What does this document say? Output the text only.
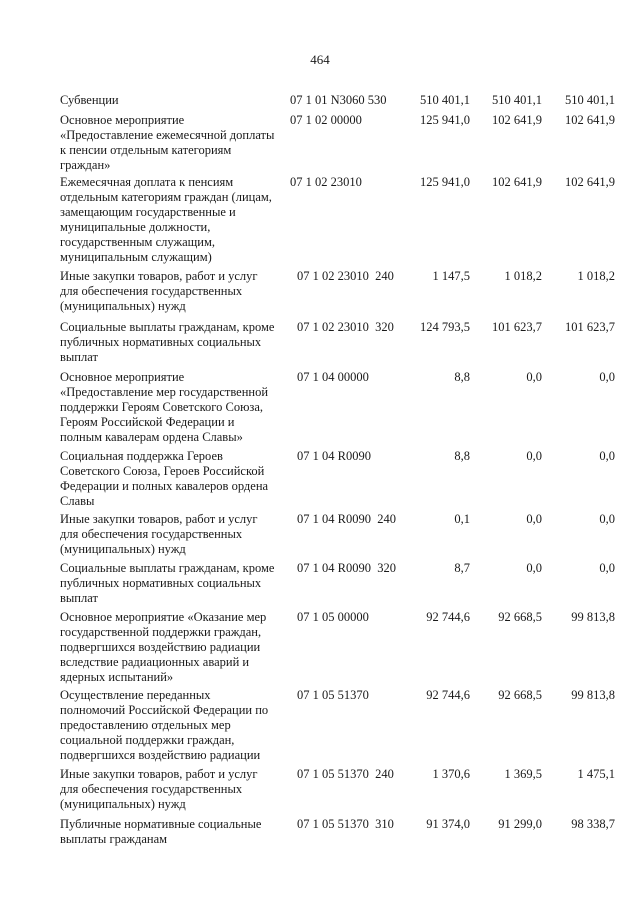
464
Субвенции	07 1 01 N3060 530	510 401,1	510 401,1	510 401,1
Основное мероприятие
«Предоставление ежемесячной доплаты
к пенсии отдельным категориям
граждан»
07 1 02 00000	125 941,0	102 641,9	102 641,9
Ежемесячная доплата к пенсиям
отдельным категориям граждан (лицам,
замещающим государственные и
муниципальные должности,
государственным служащим,
муниципальным служащим)
07 1 02 23010	125 941,0	102 641,9	102 641,9
Иные закупки товаров, работ и услуг
для обеспечения государственных
(муниципальных) нужд
07 1 02 23010  240	1 147,5	1 018,2	1 018,2
Социальные выплаты гражданам, кроме
публичных нормативных социальных
выплат
07 1 02 23010  320	124 793,5	101 623,7	101 623,7
Основное мероприятие
«Предоставление мер государственной
поддержки Героям Советского Союза,
Героям Российской Федерации и
полным кавалерам ордена Славы»
07 1 04 00000	8,8	0,0	0,0
Социальная поддержка Героев
Советского Союза, Героев Российской
Федерации и полных кавалеров ордена
Славы
07 1 04 R0090	8,8	0,0	0,0
Иные закупки товаров, работ и услуг
для обеспечения государственных
(муниципальных) нужд
07 1 04 R0090  240	0,1	0,0	0,0
Социальные выплаты гражданам, кроме
публичных нормативных социальных
выплат
07 1 04 R0090  320	8,7	0,0	0,0
Основное мероприятие «Оказание мер
государственной поддержки граждан,
подвергшихся воздействию радиации
вследствие радиационных аварий и
ядерных испытаний»
07 1 05 00000	92 744,6	92 668,5	99 813,8
Осуществление переданных
полномочий Российской Федерации по
предоставлению отдельных мер
социальной поддержки граждан,
подвергшихся воздействию радиации
07 1 05 51370	92 744,6	92 668,5	99 813,8
Иные закупки товаров, работ и услуг
для обеспечения государственных
(муниципальных) нужд
07 1 05 51370  240	1 370,6	1 369,5	1 475,1
Публичные нормативные социальные
выплаты гражданам
07 1 05 51370  310	91 374,0	91 299,0	98 338,7
